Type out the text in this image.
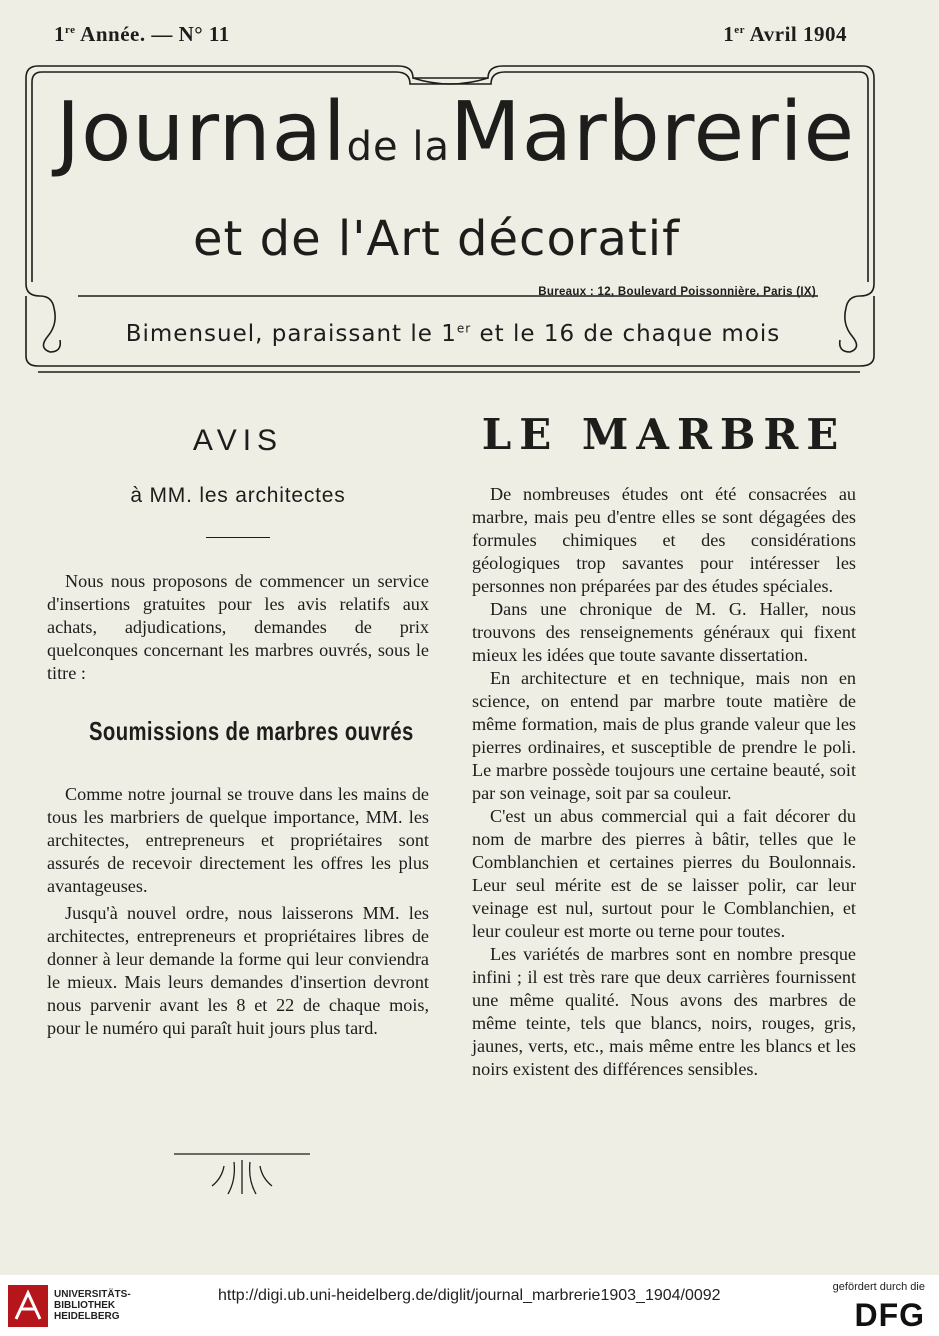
1re Année. — N° 11	1er Avril 1904
Journalde laMarbrerie
et de l'Art décoratif
Bureaux : 12, Boulevard Poissonnière, Paris (IX)
Bimensuel, paraissant le 1er et le 16 de chaque mois
AVIS
à MM. les architectes

Nous nous proposons de commencer un service d'insertions gratuites pour les avis relatifs aux achats, adjudications, demandes de prix quelconques concernant les marbres ouvrés, sous le titre :

Soumissions de marbres ouvrés

Comme notre journal se trouve dans les mains de tous les marbriers de quelque importance, MM. les architectes, entrepreneurs et propriétaires sont assurés de recevoir directement les offres les plus avantageuses.

Jusqu'à nouvel ordre, nous laisserons MM. les architectes, entrepreneurs et propriétaires libres de donner à leur demande la forme qui leur conviendra le mieux. Mais leurs demandes d'insertion devront nous parvenir avant les 8 et 22 de chaque mois, pour le numéro qui paraît huit jours plus tard.

LE MARBRE

De nombreuses études ont été consacrées au marbre, mais peu d'entre elles se sont dégagées des formules chimiques et des considérations géologiques trop savantes pour intéresser les personnes non préparées par des études spéciales.

Dans une chronique de M. G. Haller, nous trouvons des renseignements généraux qui fixent mieux les idées que toute savante dissertation.

En architecture et en technique, mais non en science, on entend par marbre toute matière de même formation, mais de plus grande valeur que les pierres ordinaires, et susceptible de prendre le poli. Le marbre possède toujours une certaine beauté, soit par son veinage, soit par sa couleur.

C'est un abus commercial qui a fait décorer du nom de marbre des pierres à bâtir, telles que le Comblanchien et certaines pierres du Boulonnais. Leur seul mérite est de se laisser polir, car leur veinage est nul, surtout pour le Comblanchien, et leur couleur est morte ou terne pour toutes.

Les variétés de marbres sont en nombre presque infini ; il est très rare que deux carrières fournissent une même qualité. Nous avons des marbres de même teinte, tels que blancs, noirs, rouges, gris, jaunes, verts, etc., mais même entre les blancs et les noirs existent des différences sensibles.

UNIVERSITÄTS-
BIBLIOTHEK
HEIDELBERG
http://digi.ub.uni-heidelberg.de/diglit/journal_marbrerie1903_1904/0092	gefördert durch die
DFG
